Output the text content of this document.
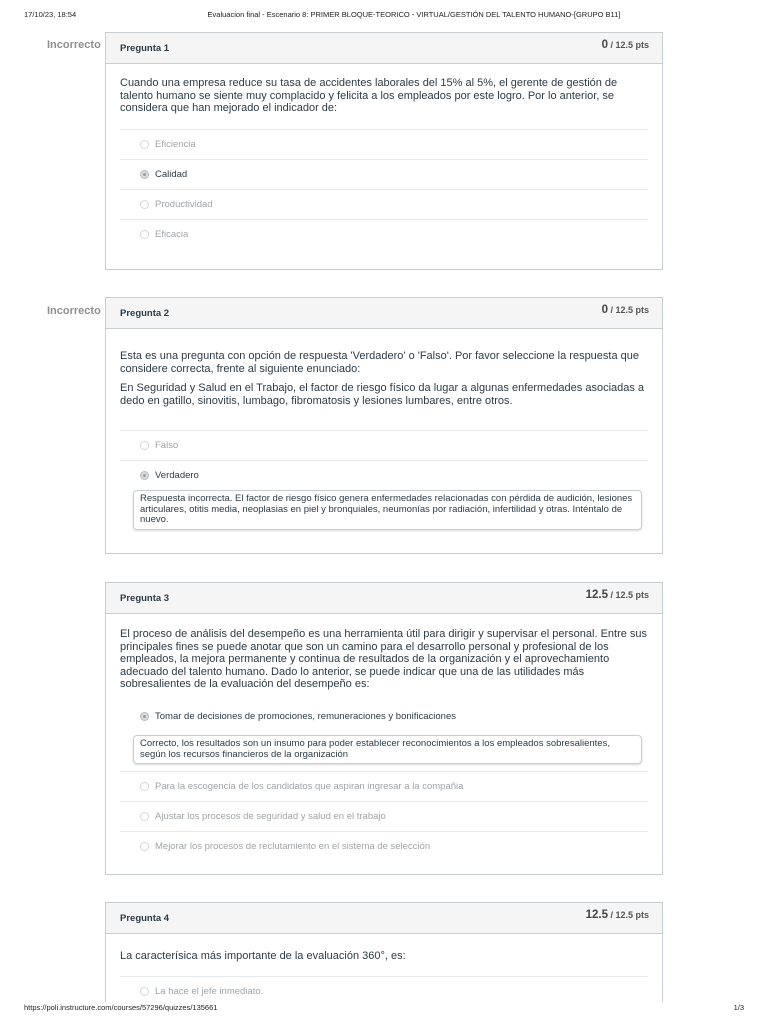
17/10/23, 18:54	Evaluacion final - Escenario 8: PRIMER BLOQUE-TEORICO - VIRTUAL/GESTIÓN DEL TALENTO HUMANO-[GRUPO B11]
Incorrecto Pregunta 1	0 / 12.5 pts

Cuando una empresa reduce su tasa de accidentes laborales del 15% al 5%, el gerente de gestión de talento humano se siente muy complacido y felicita a los empleados por este logro. Por lo anterior, se considera que han mejorado el indicador de:

Eficiencia
Calidad
Productividad
Eficacia
Incorrecto Pregunta 2	0 / 12.5 pts

Esta es una pregunta con opción de respuesta 'Verdadero' o 'Falso'. Por favor seleccione la respuesta que considere correcta, frente al siguiente enunciado:

En Seguridad y Salud en el Trabajo, el factor de riesgo físico da lugar a algunas enfermedades asociadas a dedo en gatillo, sinovitis, lumbago, fibromatosis y lesiones lumbares, entre otros.

Falso
Verdadero
Respuesta incorrecta. El factor de riesgo físico genera enfermedades relacionadas con pérdida de audición, lesiones articulares, otitis media, neoplasias en piel y bronquiales, neumonías por radiación, infertilidad y otras. Inténtalo de nuevo.
Pregunta 3	12.5 / 12.5 pts

El proceso de análisis del desempeño es una herramienta útil para dirigir y supervisar el personal. Entre sus principales fines se puede anotar que son un camino para el desarrollo personal y profesional de los empleados, la mejora permanente y continua de resultados de la organización y el aprovechamiento adecuado del talento humano. Dado lo anterior, se puede indicar que una de las utilidades más sobresalientes de la evaluación del desempeño es:

Tomar de decisiones de promociones, remuneraciones y bonificaciones
Correcto, los resultados son un insumo para poder establecer reconocimientos a los empleados sobresalientes, según los recursos financieros de la organización
Para la escogencia de los candidatos que aspiran ingresar a la compañia
Ajustar los procesos de seguridad y salud en el trabajo
Mejorar los procesos de reclutamiento en el sistema de selección
Pregunta 4	12.5 / 12.5 pts

La caracterísica más importante de la evaluación 360°, es:

La hace el jefe inmediato.
https://poli.instructure.com/courses/57296/quizzes/135661	1/3
